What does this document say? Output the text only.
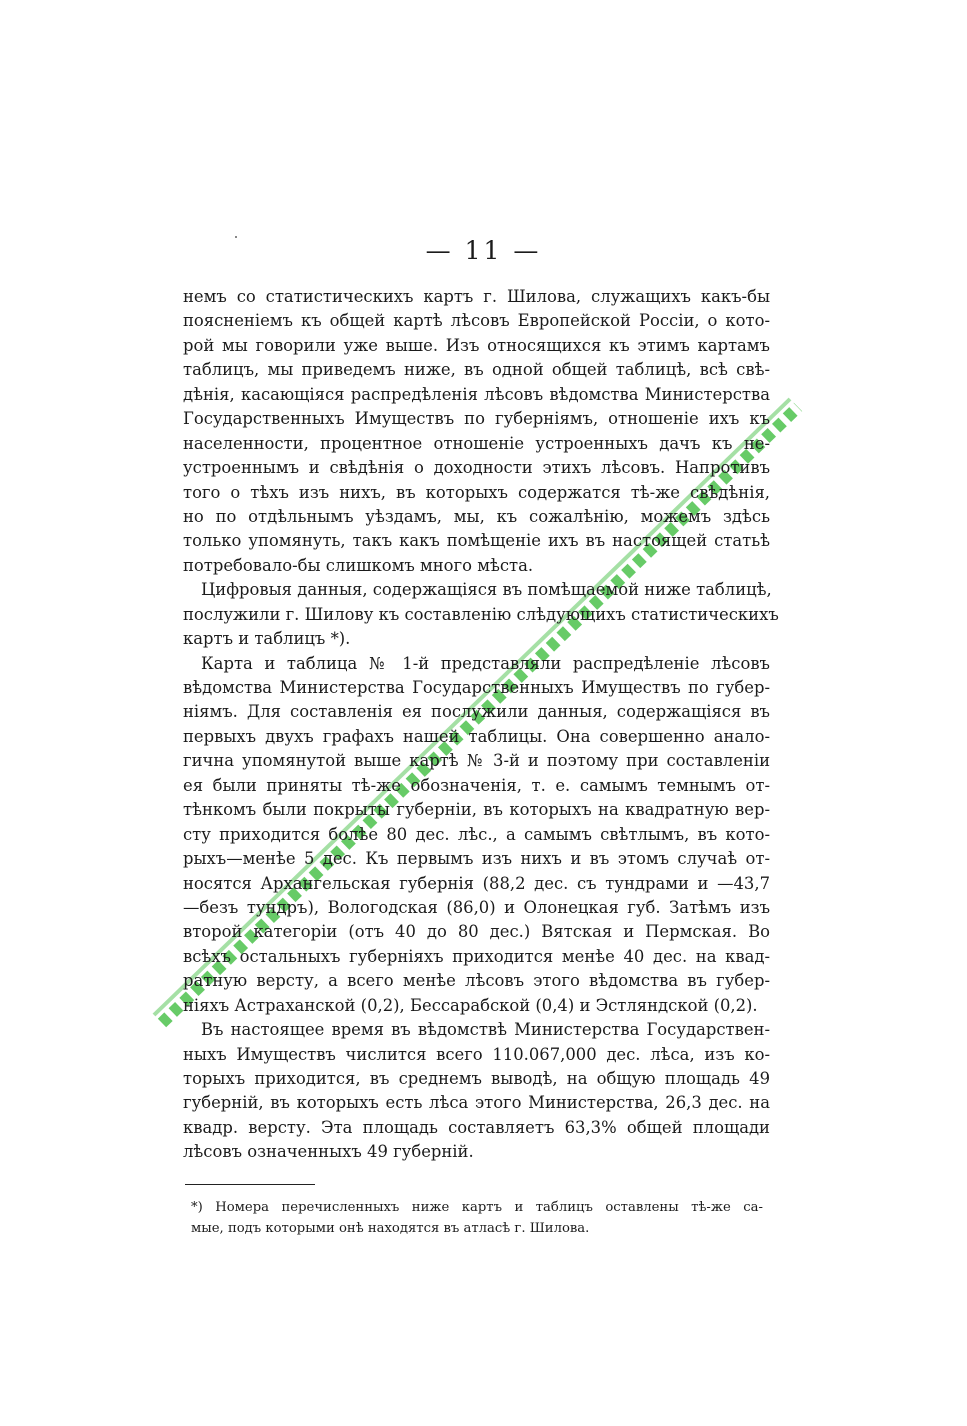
— 11 —
немъ со статистическихъ картъ г. Шилова, служащихъ какъ-бы
поясненіемъ къ общей картѣ лѣсовъ Европейской Россіи, о кото-
рой мы говорили уже выше. Изъ относящихся къ этимъ картамъ
таблицъ, мы приведемъ ниже, въ одной общей таблицѣ, всѣ свѣ-
дѣнія, касающіяся распредѣленія лѣсовъ вѣдомства Министерства
Государственныхъ Имуществъ по губерніямъ, отношеніе ихъ къ
населенности, процентное отношеніе устроенныхъ дачъ къ не-
устроеннымъ и свѣдѣнія о доходности этихъ лѣсовъ. Напротивъ
того о тѣхъ изъ нихъ, въ которыхъ содержатся тѣ-же свѣдѣнія,
но по отдѣльнымъ уѣздамъ, мы, къ сожалѣнію, можемъ здѣсь
только упомянуть, такъ какъ помѣщеніе ихъ въ настоящей статьѣ
потребовало-бы слишкомъ много мѣста.
Цифровыя данныя, содержащіяся въ помѣщаемой ниже таблицѣ,
послужили г. Шилову къ составленію слѣдующихъ статистическихъ
картъ и таблицъ *).
Карта и таблица № 1-й представляли распредѣленіе лѣсовъ
вѣдомства Министерства Государственныхъ Имуществъ по губер-
ніямъ. Для составленія ея послужили данныя, содержащіяся въ
первыхъ двухъ графахъ нашей таблицы. Она совершенно анало-
гична упомянутой выше картѣ № 3-й и поэтому при составленіи
ея были приняты тѣ-же обозначенія, т. е. самымъ темнымъ от-
тѣнкомъ были покрыты губерніи, въ которыхъ на квадратную вер-
сту приходится болѣе 80 дес. лѣс., а самымъ свѣтлымъ, въ кото-
рыхъ—менѣе 5 дес. Къ первымъ изъ нихъ и въ этомъ случаѣ от-
носятся Архангельская губернія (88,2 дес. съ тундрами и —43,7
—безъ тундръ), Вологодская (86,0) и Олонецкая губ. Затѣмъ изъ
второй категоріи (отъ 40 до 80 дес.) Вятская и Пермская. Во
всѣхъ остальныхъ губерніяхъ приходится менѣе 40 дес. на квад-
ратную версту, а всего менѣе лѣсовъ этого вѣдомства въ губер-
ніяхъ Астраханской (0,2), Бессарабской (0,4) и Эстляндской (0,2).
Въ настоящее время въ вѣдомствѣ Министерства Государствен-
ныхъ Имуществъ числится всего 110.067,000 дес. лѣса, изъ ко-
торыхъ приходится, въ среднемъ выводѣ, на общую площадь 49
губерній, въ которыхъ есть лѣса этого Министерства, 26,3 дес. на
квадр. версту. Эта площадь составляетъ 63,3% общей площади
лѣсовъ означенныхъ 49 губерній.
*) Номера перечисленныхъ ниже картъ и таблицъ оставлены тѣ-же са-
мые, подъ которыми онѣ находятся въ атласѣ г. Шилова.
